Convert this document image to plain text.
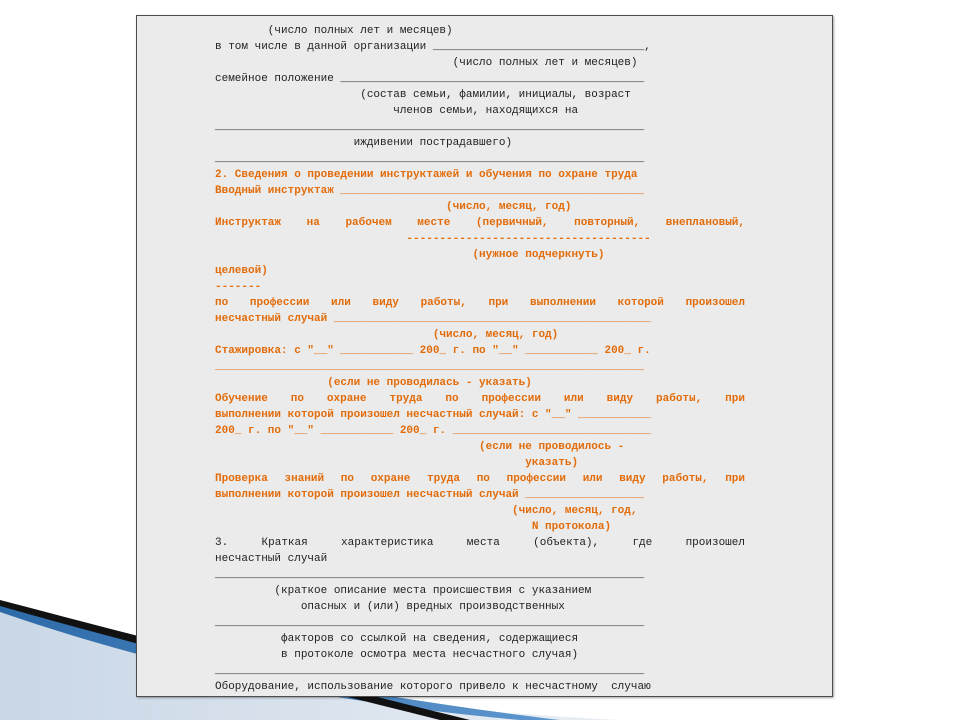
(число полных лет и месяцев)
в том числе в данной организации ________________________________,
(число полных лет и месяцев)
семейное положение ______________________________________________
(состав семьи, фамилии, инициалы, возраст
членов семьи, находящихся на
_________________________________________________________________
иждивении пострадавшего)
_________________________________________________________________
2. Сведения о проведении инструктажей и обучения по охране труда
Вводный инструктаж ______________________________________________
(число, месяц, год)
Инструктаж на рабочем месте (первичный, повторный, внеплановый,
-------------------------------------
(нужное подчеркнуть)
целевой)
-------
по профессии или виду работы, при выполнении которой произошел
несчастный случай ________________________________________________
(число, месяц, год)
Стажировка: с "__" ___________ 200_ г. по "__" ___________ 200_ г.
_________________________________________________________________
(если не проводилась - указать)
Обучение по охране труда по профессии или виду работы, при
выполнении которой произошел несчастный случай: с "__" ___________
200_ г. по "__" ___________ 200_ г. ______________________________
(если не проводилось -
указать)
Проверка знаний по охране труда по профессии или виду работы, при
выполнении которой произошел несчастный случай __________________
(число, месяц, год,
N протокола)
3. Краткая характеристика места (объекта), где произошел
несчастный случай
_________________________________________________________________
(краткое описание места происшествия с указанием
опасных и (или) вредных производственных
_________________________________________________________________
факторов со ссылкой на сведения, содержащиеся
в протоколе осмотра места несчастного случая)
_________________________________________________________________
Оборудование, использование которого привело к несчастному  случаю
